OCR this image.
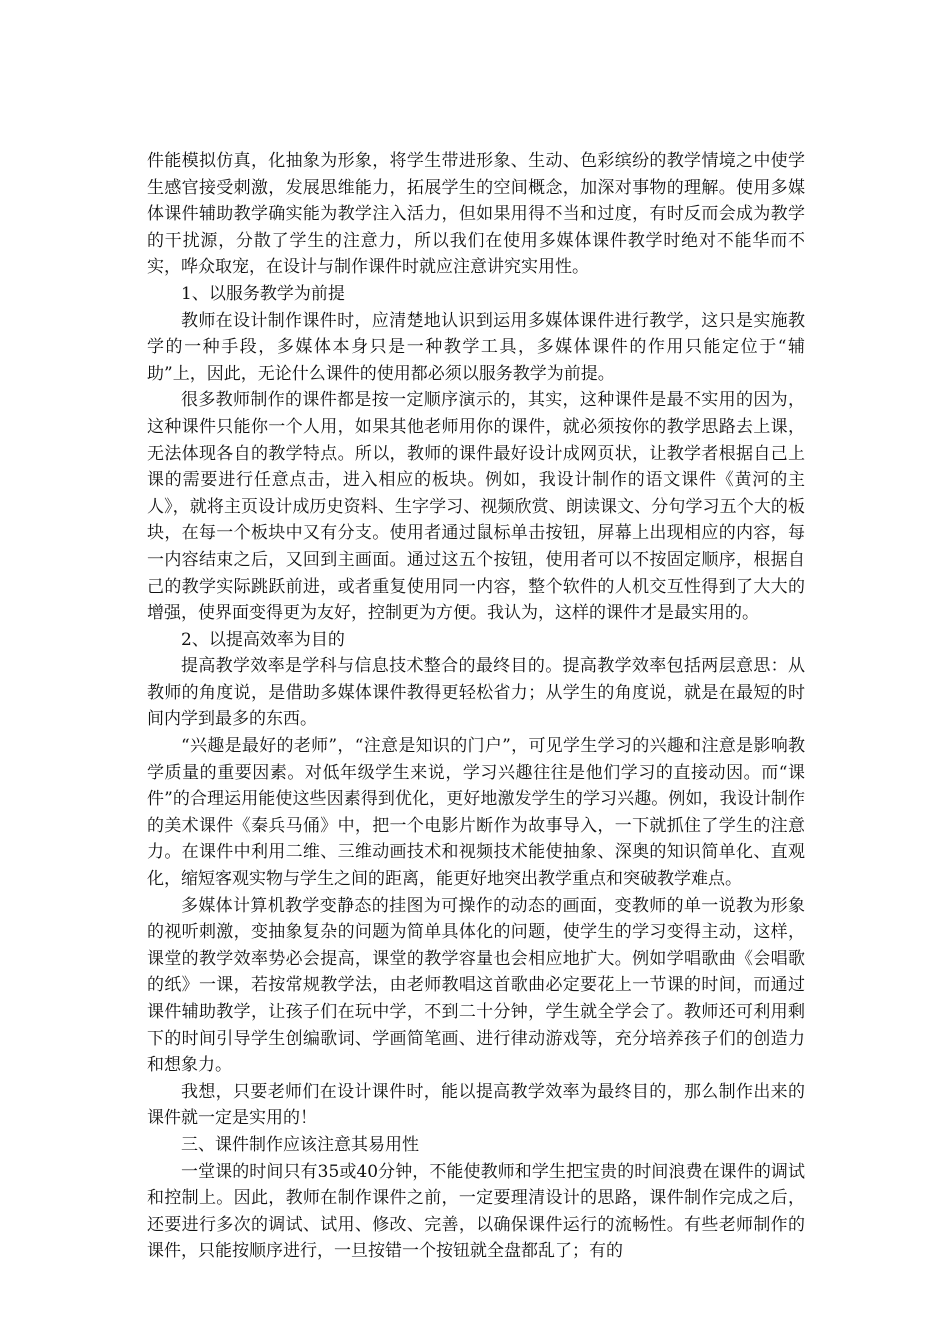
件能模拟仿真，化抽象为形象，将学生带进形象、生动、色彩缤纷的教学情境之中使学生感官接受刺激，发展思维能力，拓展学生的空间概念，加深对事物的理解。使用多媒体课件辅助教学确实能为教学注入活力，但如果用得不当和过度，有时反而会成为教学的干扰源，分散了学生的注意力，所以我们在使用多媒体课件教学时绝对不能华而不实，哗众取宠，在设计与制作课件时就应注意讲究实用性。

1、以服务教学为前提

教师在设计制作课件时，应清楚地认识到运用多媒体课件进行教学，这只是实施教学的一种手段，多媒体本身只是一种教学工具，多媒体课件的作用只能定位于“辅助”上，因此，无论什么课件的使用都必须以服务教学为前提。

很多教师制作的课件都是按一定顺序演示的，其实，这种课件是最不实用的因为，这种课件只能你一个人用，如果其他老师用你的课件，就必须按你的教学思路去上课，无法体现各自的教学特点。所以，教师的课件最好设计成网页状，让教学者根据自己上课的需要进行任意点击，进入相应的板块。例如，我设计制作的语文课件《黄河的主人》，就将主页设计成历史资料、生字学习、视频欣赏、朗读课文、分句学习五个大的板块，在每一个板块中又有分支。使用者通过鼠标单击按钮，屏幕上出现相应的内容，每一内容结束之后，又回到主画面。通过这五个按钮，使用者可以不按固定顺序，根据自己的教学实际跳跃前进，或者重复使用同一内容，整个软件的人机交互性得到了大大的增强，使界面变得更为友好，控制更为方便。我认为，这样的课件才是最实用的。

2、以提高效率为目的

提高教学效率是学科与信息技术整合的最终目的。提高教学效率包括两层意思：从教师的角度说，是借助多媒体课件教得更轻松省力；从学生的角度说，就是在最短的时间内学到最多的东西。

“兴趣是最好的老师”，“注意是知识的门户”，可见学生学习的兴趣和注意是影响教学质量的重要因素。对低年级学生来说，学习兴趣往往是他们学习的直接动因。而“课件”的合理运用能使这些因素得到优化，更好地激发学生的学习兴趣。例如，我设计制作的美术课件《秦兵马俑》中，把一个电影片断作为故事导入，一下就抓住了学生的注意力。在课件中利用二维、三维动画技术和视频技术能使抽象、深奥的知识简单化、直观化，缩短客观实物与学生之间的距离，能更好地突出教学重点和突破教学难点。

多媒体计算机教学变静态的挂图为可操作的动态的画面，变教师的单一说教为形象的视听刺激，变抽象复杂的问题为简单具体化的问题，使学生的学习变得主动，这样，课堂的教学效率势必会提高，课堂的教学容量也会相应地扩大。例如学唱歌曲《会唱歌的纸》一课，若按常规教学法，由老师教唱这首歌曲必定要花上一节课的时间，而通过课件辅助教学，让孩子们在玩中学，不到二十分钟，学生就全学会了。教师还可利用剩下的时间引导学生创编歌词、学画简笔画、进行律动游戏等，充分培养孩子们的创造力和想象力。

我想，只要老师们在设计课件时，能以提高教学效率为最终目的，那么制作出来的课件就一定是实用的！

三、课件制作应该注意其易用性

一堂课的时间只有35或40分钟，不能使教师和学生把宝贵的时间浪费在课件的调试和控制上。因此，教师在制作课件之前，一定要理清设计的思路，课件制作完成之后，还要进行多次的调试、试用、修改、完善，以确保课件运行的流畅性。有些老师制作的课件，只能按顺序进行，一旦按错一个按钮就全盘都乱了；有的
